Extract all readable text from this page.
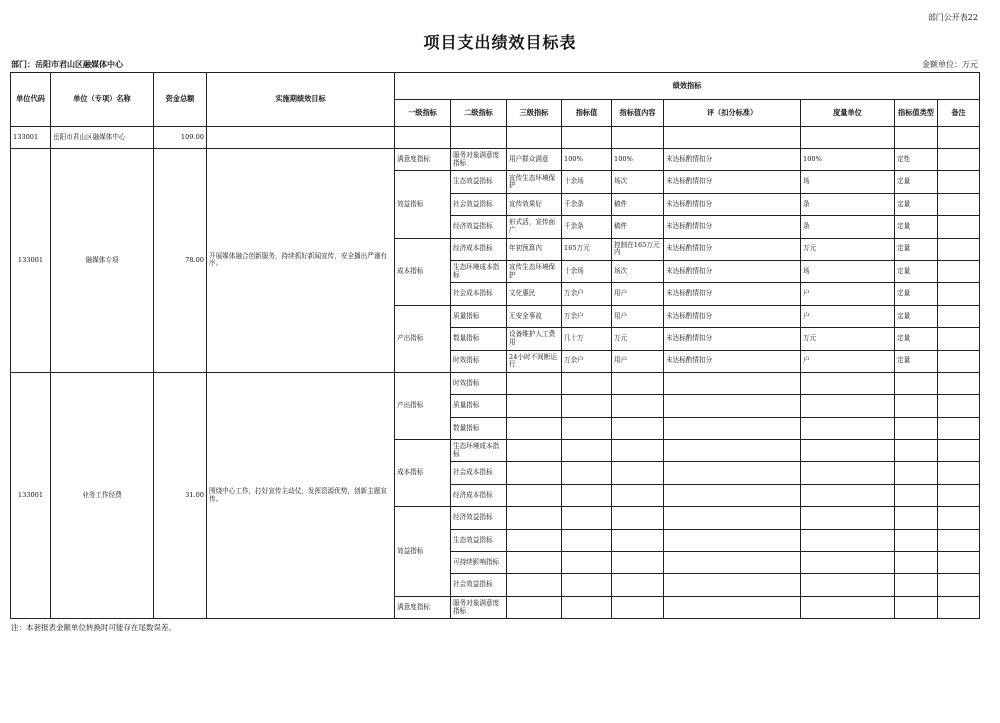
部门公开表22
项目支出绩效目标表
部门：岳阳市君山区融媒体中心	金额单位：万元
单位代码	单位（专项）名称	资金总额	实施期绩效目标	绩效指标								
				一级指标	二级指标	三级指标	指标值	指标值内容	评（扣分标准）	度量单位	指标值类型	备注
133001	岳阳市君山区融媒体中心	109.00										
133001	融媒体专项	78.00	开展媒体融合创新服务，持续抓好新闻宣传，安全播出严谨有序。	满意度指标	服务对象满意度指标	用户群众满意	100%	100%	未达标酌情扣分	100%	定性	
				效益指标	生态效益指标	宣传生态环境保护	十余场	场次	未达标酌情扣分	场	定量	
					社会效益指标	宣传效果好	千余条	稿件	未达标酌情扣分	条	定量	
					经济效益指标	形式活，宣传面广	千余条	稿件	未达标酌情扣分	条	定量	
				成本指标	经济成本指标	年初预算内	165万元	控制在165万元内	未达标酌情扣分	万元	定量	
					生态环境成本指标	宣传生态环境保护	十余场	场次	未达标酌情扣分	场	定量	
					社会成本指标	文化惠民	万余户	用户	未达标酌情扣分	户	定量	
				产出指标	质量指标	无安全事故	万余户	用户	未达标酌情扣分	户	定量	
					数量指标	设备维护人工费用	几十万	万元	未达标酌情扣分	万元	定量	
					时效指标	24小时不间断运行	万余户	用户	未达标酌情扣分	户	定量	
133001	业务工作经费	31.00	围绕中心工作，打好宣传主动仗，发挥资源优势，创新主题宣传。	产出指标	时效指标							
					质量指标							
					数量指标							
				成本指标	生态环境成本指标							
					社会成本指标							
					经济成本指标							
				效益指标	经济效益指标							
					生态效益指标							
					可持续影响指标							
					社会效益指标							
				满意度指标	服务对象满意度指标							
注：本套报表金额单位转换时可能存在尾数误差。
